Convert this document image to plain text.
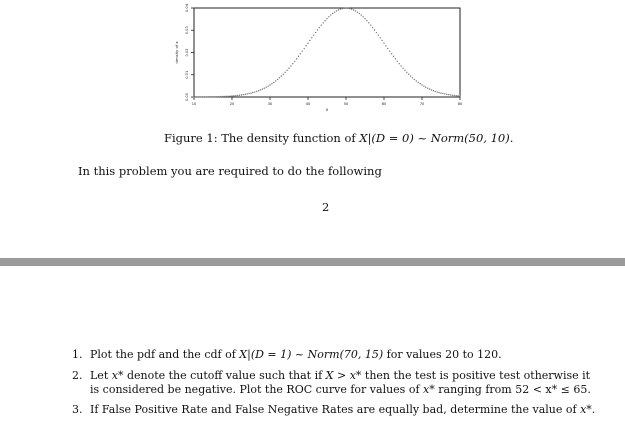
0.00
0.01
0.02
0.03
0.04
density of x
10	20	30	40	50	60	70	80
x
Figure 1: The density function of X|(D = 0) ~ Norm(50, 10).
In this problem you are required to do the following
2
1. Plot the pdf and the cdf of X|(D = 1) ~ Norm(70, 15) for values 20 to 120.
2. Let x* denote the cutoff value such that if X > x* then the test is positive test otherwise it is considered be negative. Plot the ROC curve for values of x* ranging from 52 < x* ≤ 65.
3. If False Positive Rate and False Negative Rates are equally bad, determine the value of x*.
